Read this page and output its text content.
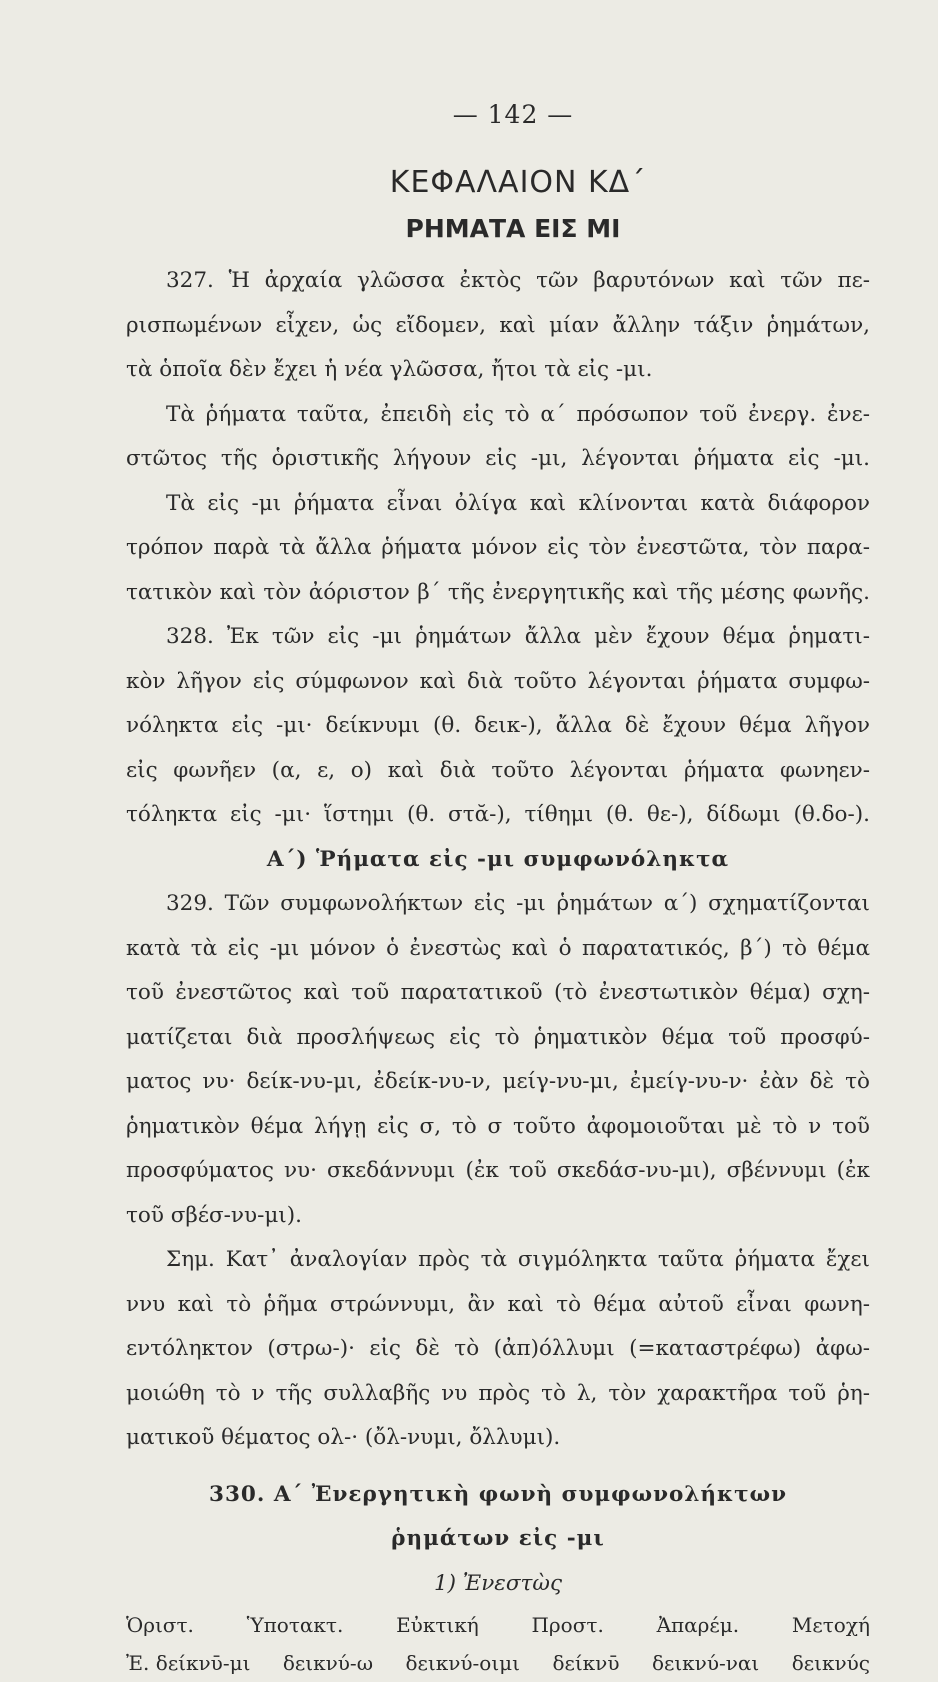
— 142 —
ΚΕΦΑΛΑΙΟΝ ΚΔ΄
ΡΗΜΑΤΑ ΕΙΣ ΜΙ
327. Ἡ ἀρχαία γλῶσσα ἐκτὸς τῶν βαρυτόνων καὶ τῶν πε-
ρισπωμένων εἶχεν, ὡς εἴδομεν, καὶ μίαν ἄλλην τάξιν ῥημάτων,
τὰ ὁποῖα δὲν ἔχει ἡ νέα γλῶσσα, ἤτοι τὰ εἰς -μι.
Τὰ ῥήματα ταῦτα, ἐπειδὴ εἰς τὸ α΄ πρόσωπον τοῦ ἐνεργ. ἐνε-
στῶτος τῆς ὁριστικῆς λήγουν εἰς -μι, λέγονται ῥήματα εἰς -μι.
Τὰ εἰς -μι ῥήματα εἶναι ὀλίγα καὶ κλίνονται κατὰ διάφορον
τρόπον παρὰ τὰ ἄλλα ῥήματα μόνον εἰς τὸν ἐνεστῶτα, τὸν παρα-
τατικὸν καὶ τὸν ἀόριστον β΄ τῆς ἐνεργητικῆς καὶ τῆς μέσης φωνῆς.
328. Ἐκ τῶν εἰς -μι ῥημάτων ἄλλα μὲν ἔχουν θέμα ῥηματι-
κὸν λῆγον εἰς σύμφωνον καὶ διὰ τοῦτο λέγονται ῥήματα συμφω-
νόληκτα εἰς -μι· δείκνυμι (θ. δεικ-), ἄλλα δὲ ἔχουν θέμα λῆγον
εἰς φωνῆεν (α, ε, ο) καὶ διὰ τοῦτο λέγονται ῥήματα φωνηεν-
τόληκτα εἰς -μι· ἵστημι (θ. στᾰ-), τίθημι (θ. θε-), δίδωμι (θ.δο-).
Α΄) Ῥήματα εἰς -μι συμφωνόληκτα
329. Τῶν συμφωνολήκτων εἰς -μι ῥημάτων α΄) σχηματίζονται
κατὰ τὰ εἰς -μι μόνον ὁ ἐνεστὼς καὶ ὁ παρατατικός, β΄) τὸ θέμα
τοῦ ἐνεστῶτος καὶ τοῦ παρατατικοῦ (τὸ ἐνεστωτικὸν θέμα) σχη-
ματίζεται διὰ προσλήψεως εἰς τὸ ῥηματικὸν θέμα τοῦ προσφύ-
ματος νυ· δείκ-νυ-μι, ἐδείκ-νυ-ν, μείγ-νυ-μι, ἐμείγ-νυ-ν· ἐὰν δὲ τὸ
ῥηματικὸν θέμα λήγῃ εἰς σ, τὸ σ τοῦτο ἀφομοιοῦται μὲ τὸ ν τοῦ
προσφύματος νυ· σκεδάννυμι (ἐκ τοῦ σκεδάσ-νυ-μι), σβέννυμι (ἐκ
τοῦ σβέσ-νυ-μι).
Σημ. Κατ᾿ ἀναλογίαν πρὸς τὰ σιγμόληκτα ταῦτα ῥήματα ἔχει
ννυ καὶ τὸ ῥῆμα στρώννυμι, ἂν καὶ τὸ θέμα αὐτοῦ εἶναι φωνη-
εντόληκτον (στρω-)· εἰς δὲ τὸ (ἀπ)όλλυμι (=καταστρέφω) ἀφω-
μοιώθη τὸ ν τῆς συλλαβῆς νυ πρὸς τὸ λ, τὸν χαρακτῆρα τοῦ ῥη-
ματικοῦ θέματος ολ-· (ὄλ-νυμι, ὄλλυμι).
330. Α΄ Ἐνεργητικὴ φωνὴ συμφωνολήκτων
ῥημάτων εἰς -μι
1) Ἐνεστὼς
Ὁριστ.	Ὑποτακτ.	Εὐκτική	Προστ.	Ἀπαρέμ.	Μετοχή
Ἐ. δείκνῡ-μι δεικνύ-ω δεικνύ-οιμι δείκνῡ δεικνύ-ναι δεικνύς
